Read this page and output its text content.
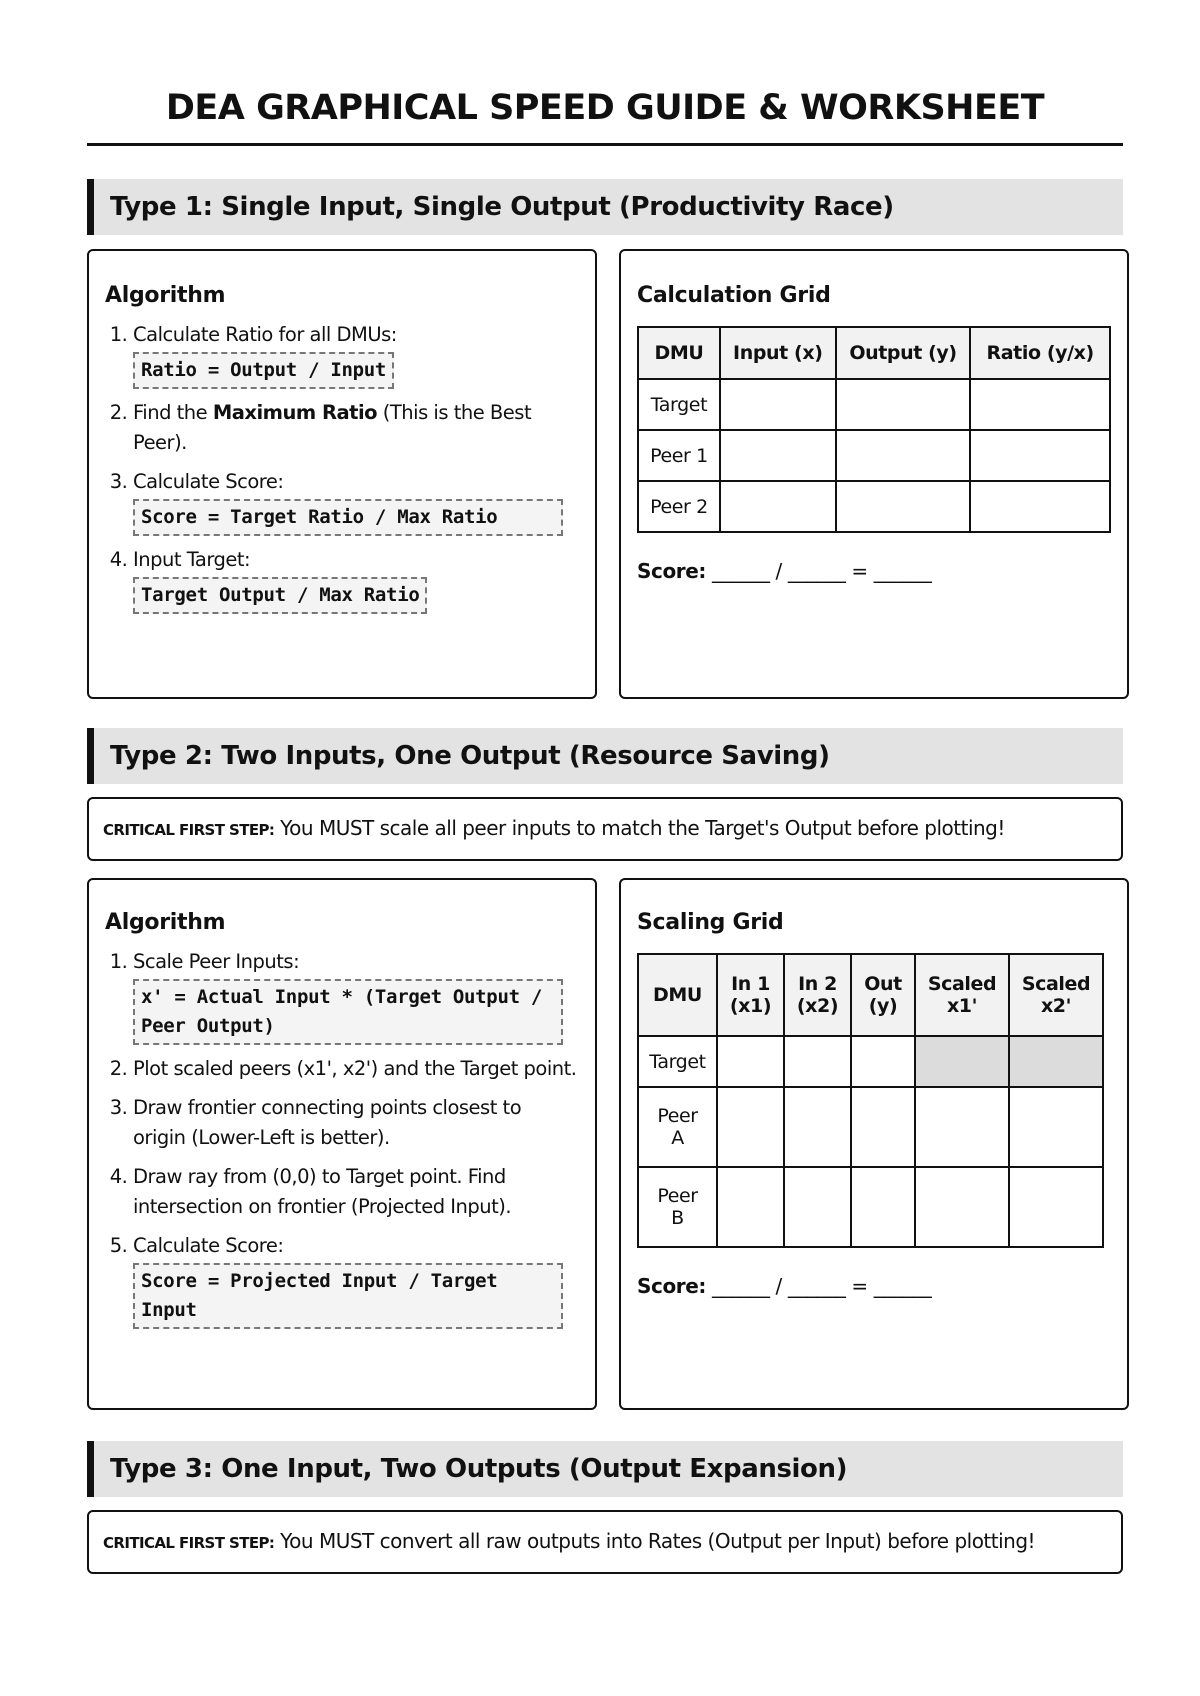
DEA GRAPHICAL SPEED GUIDE & WORKSHEET
Type 1: Single Input, Single Output (Productivity Race)
Algorithm
1. Calculate Ratio for all DMUs:
Ratio = Output / Input
2. Find the Maximum Ratio (This is the Best Peer).
3. Calculate Score:

Score = Target Ratio / Max Ratio
4. Input Target:
Target Output / Max Ratio
Calculation Grid
DMU	Input (x)	Output (y)	Ratio (y/x)
Target			
Peer 1			
Peer 2			
Score: ______ / ______ = ______
Type 2: Two Inputs, One Output (Resource Saving)
CRITICAL FIRST STEP: You MUST scale all peer inputs to match the Target's Output before plotting!
Algorithm
1. Scale Peer Inputs:

x' = Actual Input * (Target Output / Peer Output)
2. Plot scaled peers (x1', x2') and the Target point.
3. Draw frontier connecting points closest to origin (Lower-Left is better).
4. Draw ray from (0,0) to Target point. Find intersection on frontier (Projected Input).
5. Calculate Score:

Score = Projected Input / Target Input
Scaling Grid
DMU	In 1 (x1)	In 2 (x2)	Out (y)	Scaled x1'	Scaled x2'
Target					
Peer A					
Peer B					
Score: ______ / ______ = ______
Type 3: One Input, Two Outputs (Output Expansion)
CRITICAL FIRST STEP: You MUST convert all raw outputs into Rates (Output per Input) before plotting!
